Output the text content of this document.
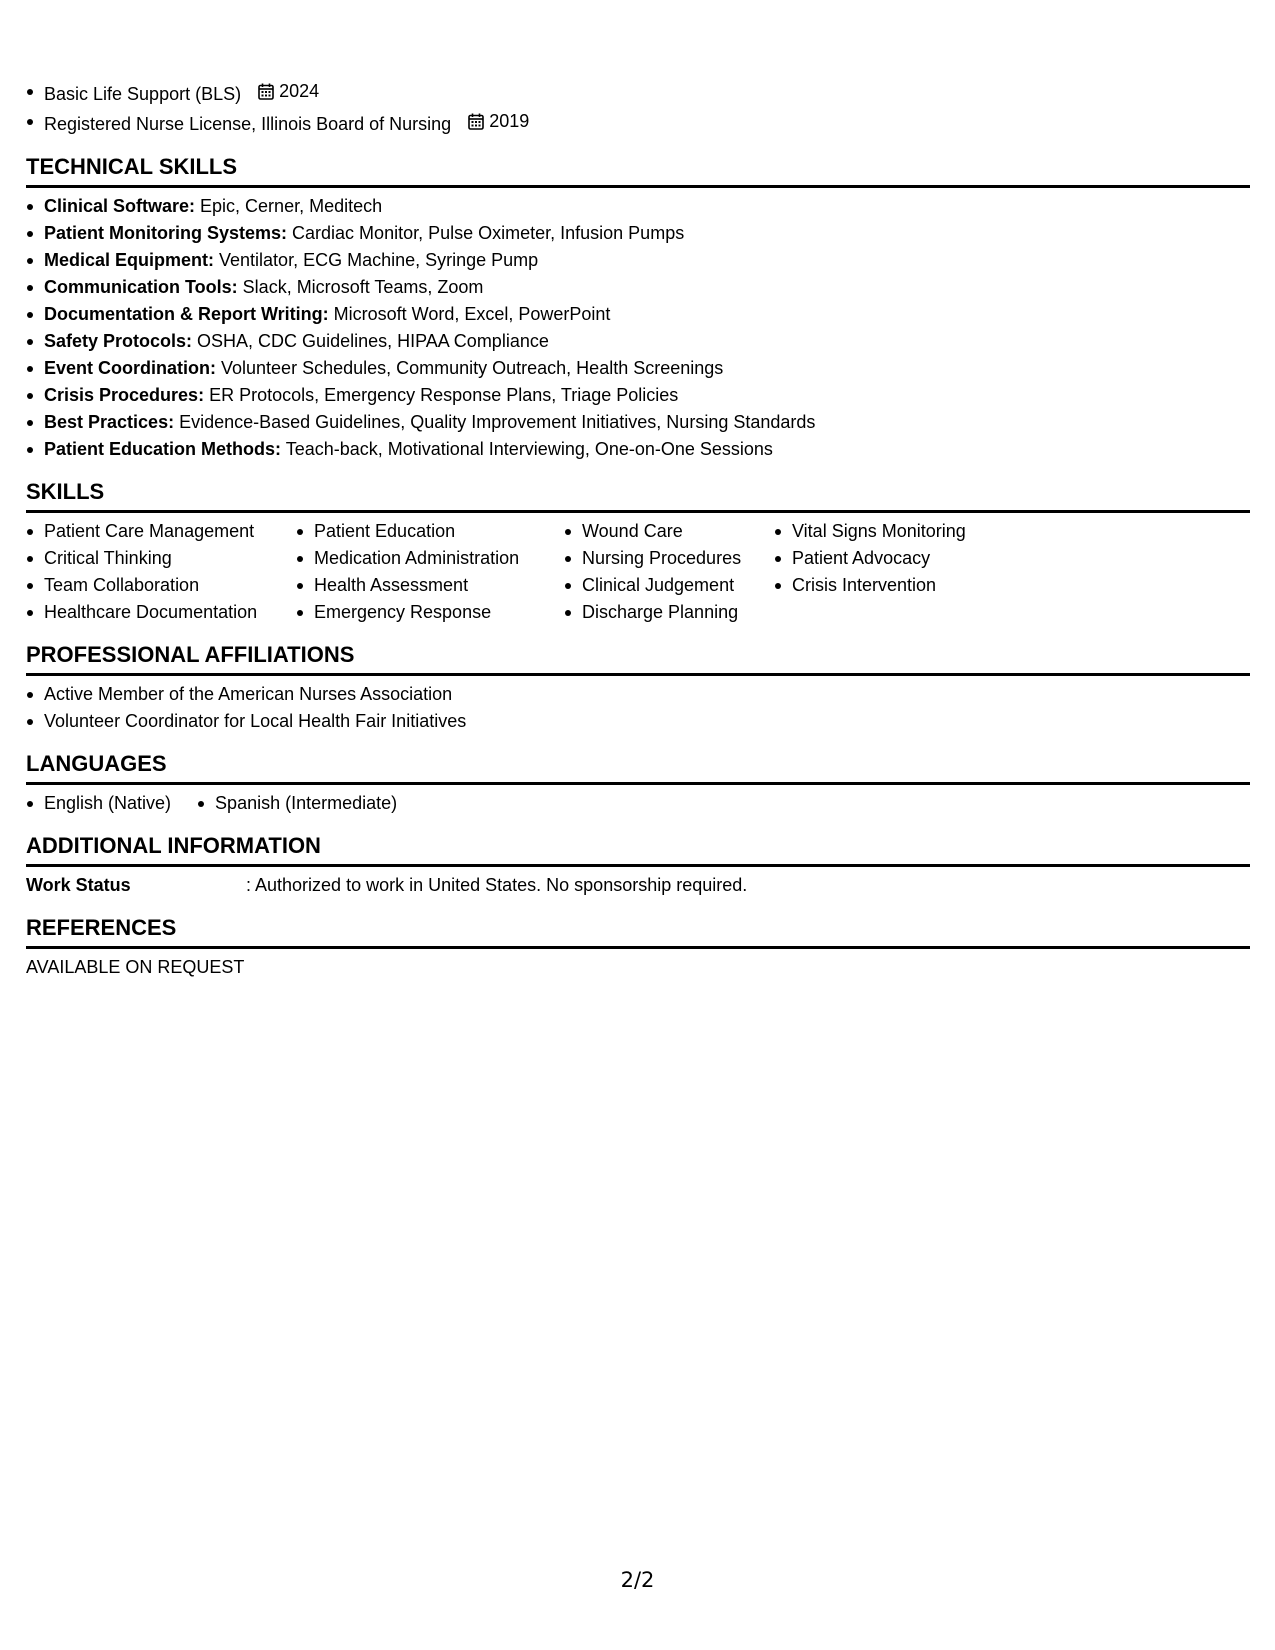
Basic Life Support (BLS) 2024
Registered Nurse License, Illinois Board of Nursing 2019
TECHNICAL SKILLS
Clinical Software: Epic, Cerner, Meditech
Patient Monitoring Systems: Cardiac Monitor, Pulse Oximeter, Infusion Pumps
Medical Equipment: Ventilator, ECG Machine, Syringe Pump
Communication Tools: Slack, Microsoft Teams, Zoom
Documentation & Report Writing: Microsoft Word, Excel, PowerPoint
Safety Protocols: OSHA, CDC Guidelines, HIPAA Compliance
Event Coordination: Volunteer Schedules, Community Outreach, Health Screenings
Crisis Procedures: ER Protocols, Emergency Response Plans, Triage Policies
Best Practices: Evidence-Based Guidelines, Quality Improvement Initiatives, Nursing Standards
Patient Education Methods: Teach-back, Motivational Interviewing, One-on-One Sessions
SKILLS
Patient Care Management
Critical Thinking
Team Collaboration
Healthcare Documentation
Patient Education
Medication Administration
Health Assessment
Emergency Response
Wound Care
Nursing Procedures
Clinical Judgement
Discharge Planning
Vital Signs Monitoring
Patient Advocacy
Crisis Intervention
PROFESSIONAL AFFILIATIONS
Active Member of the American Nurses Association
Volunteer Coordinator for Local Health Fair Initiatives
LANGUAGES
English (Native)	Spanish (Intermediate)
ADDITIONAL INFORMATION
Work Status	: Authorized to work in United States. No sponsorship required.
REFERENCES
AVAILABLE ON REQUEST
2/2
